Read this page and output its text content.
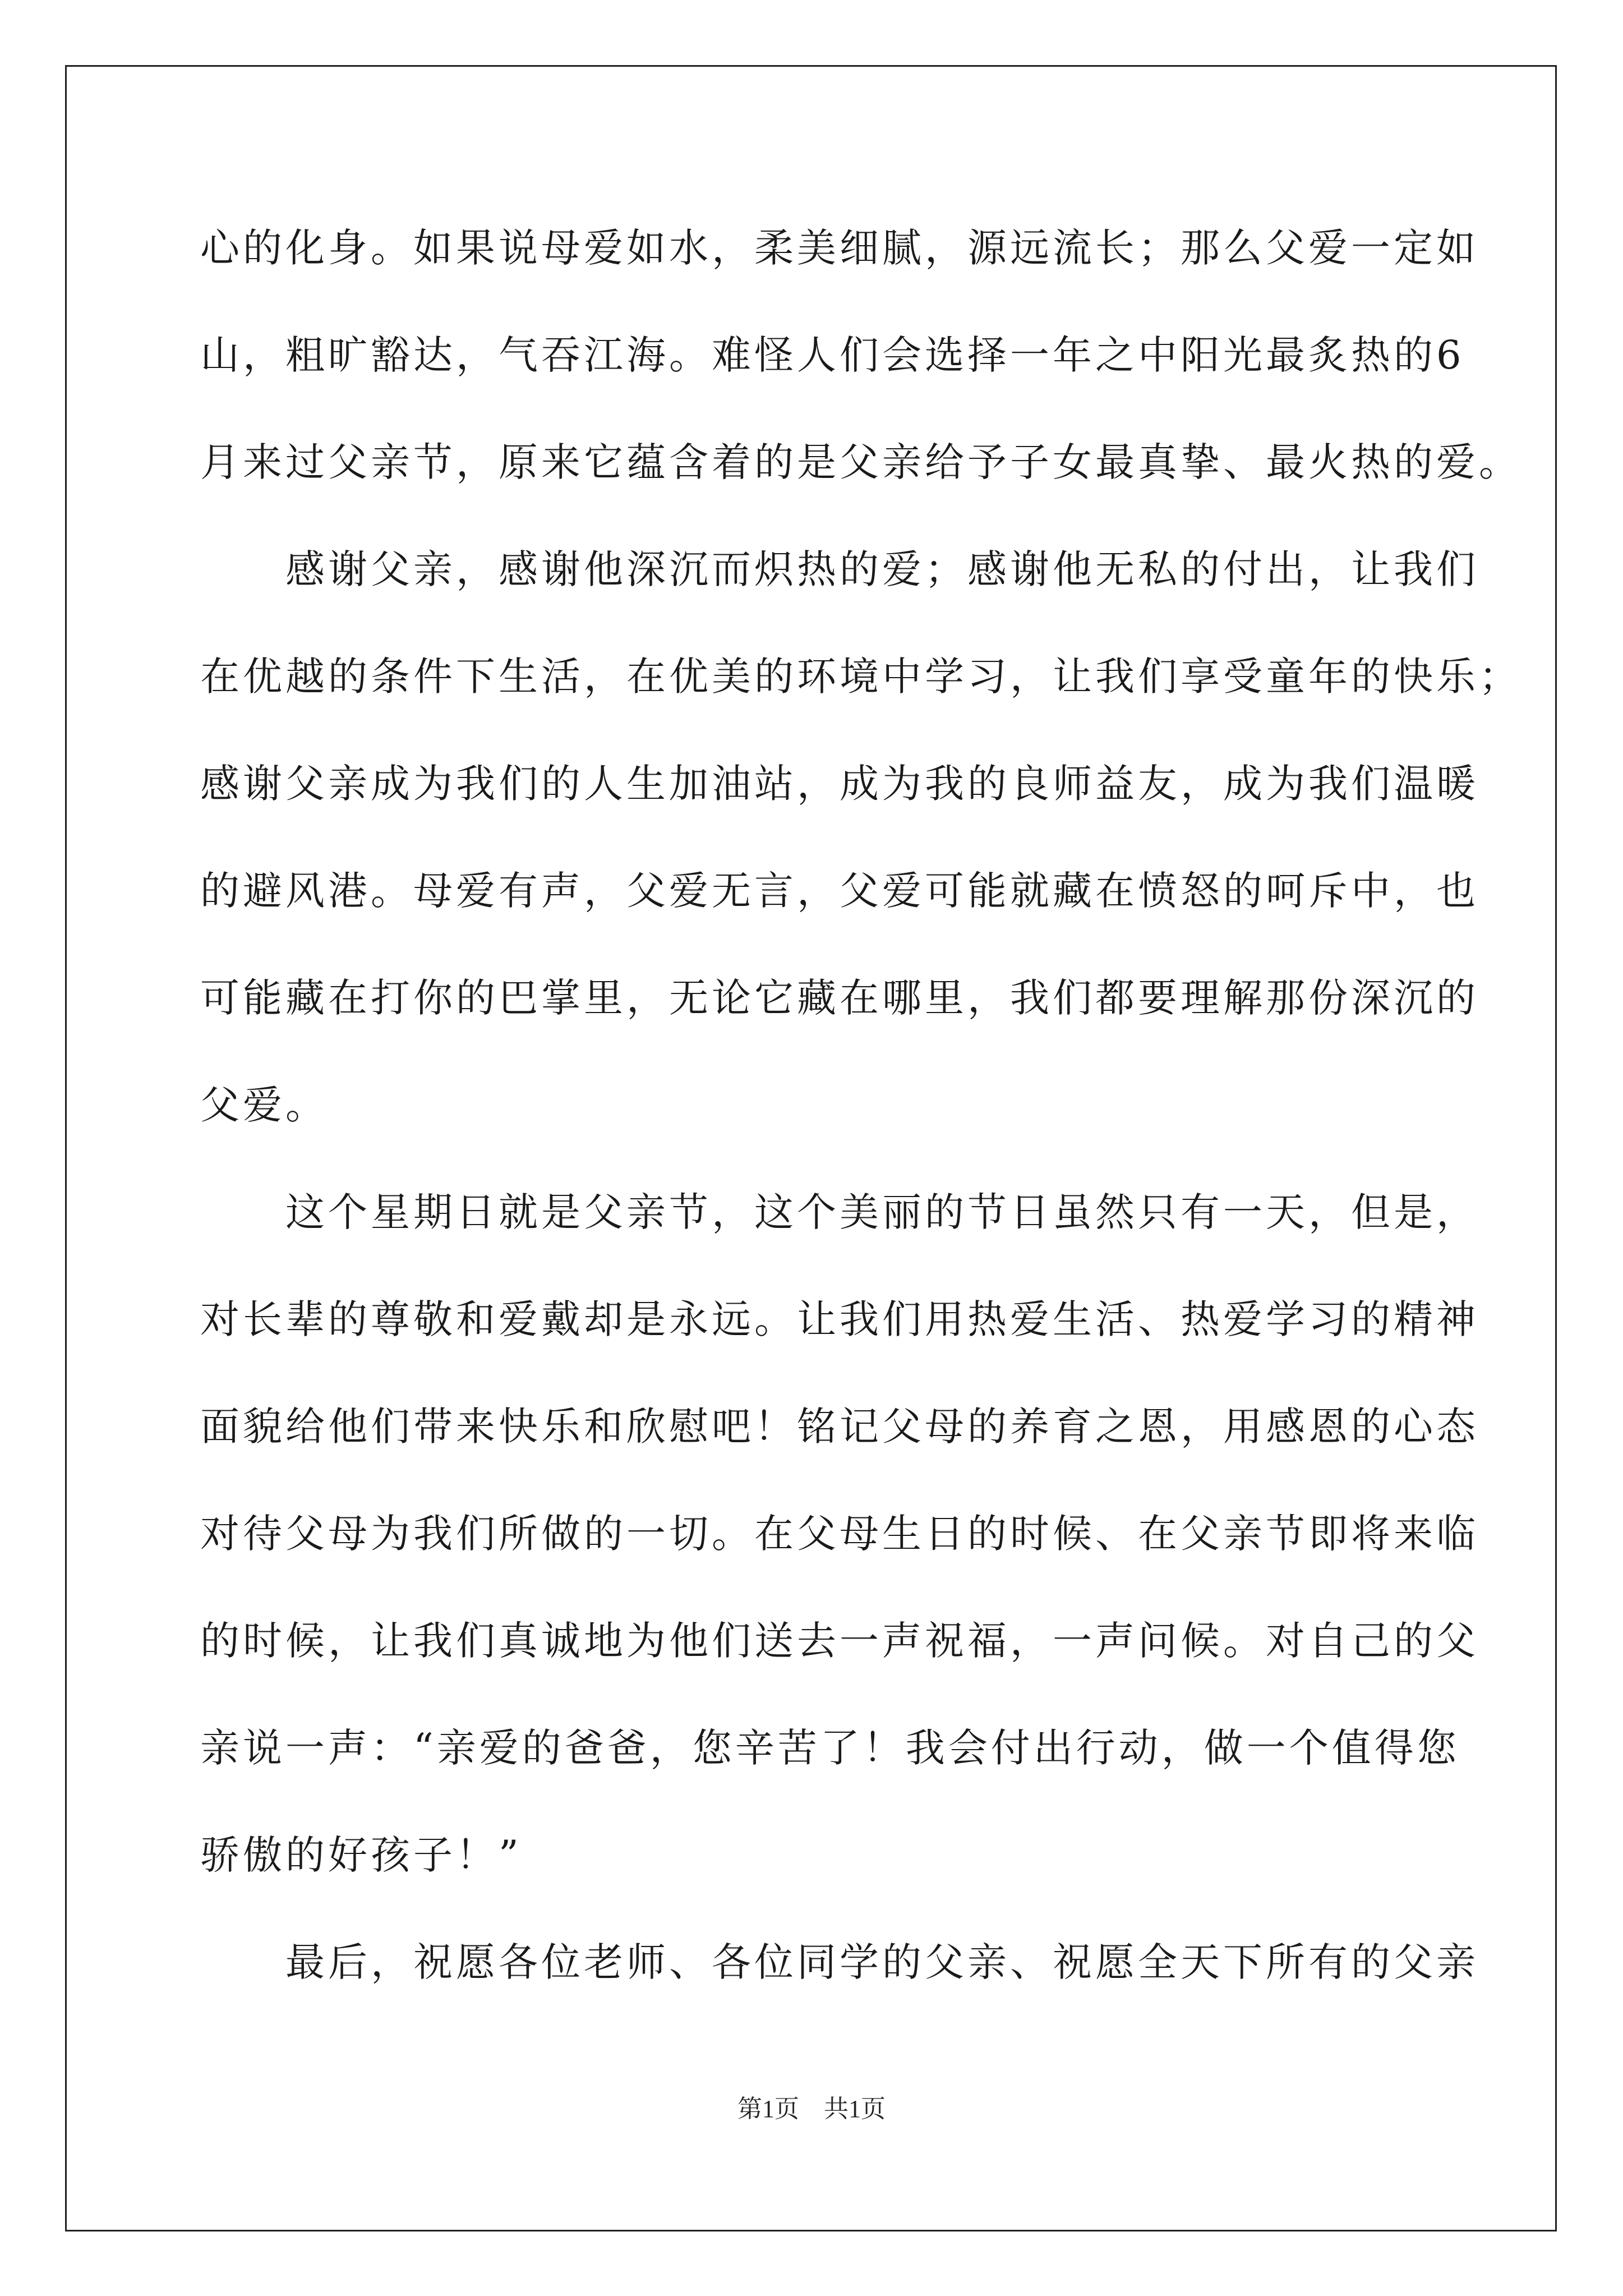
心的化身。如果说母爱如水，柔美细腻，源远流长；那么父爱一定如
山，粗旷豁达，气吞江海。难怪人们会选择一年之中阳光最炙热的6
月来过父亲节，原来它蕴含着的是父亲给予子女最真挚、最火热的爱。
　　感谢父亲，感谢他深沉而炽热的爱；感谢他无私的付出，让我们
在优越的条件下生活，在优美的环境中学习，让我们享受童年的快乐；
感谢父亲成为我们的人生加油站，成为我的良师益友，成为我们温暖
的避风港。母爱有声，父爱无言，父爱可能就藏在愤怒的呵斥中，也
可能藏在打你的巴掌里，无论它藏在哪里，我们都要理解那份深沉的
父爱。
　　这个星期日就是父亲节，这个美丽的节日虽然只有一天，但是，
对长辈的尊敬和爱戴却是永远。让我们用热爱生活、热爱学习的精神
面貌给他们带来快乐和欣慰吧！铭记父母的养育之恩，用感恩的心态
对待父母为我们所做的一切。在父母生日的时候、在父亲节即将来临
的时候，让我们真诚地为他们送去一声祝福，一声问候。对自己的父
亲说一声：“亲爱的爸爸，您辛苦了！我会付出行动，做一个值得您
骄傲的好孩子！”
　　最后，祝愿各位老师、各位同学的父亲、祝愿全天下所有的父亲
第1页　共1页
